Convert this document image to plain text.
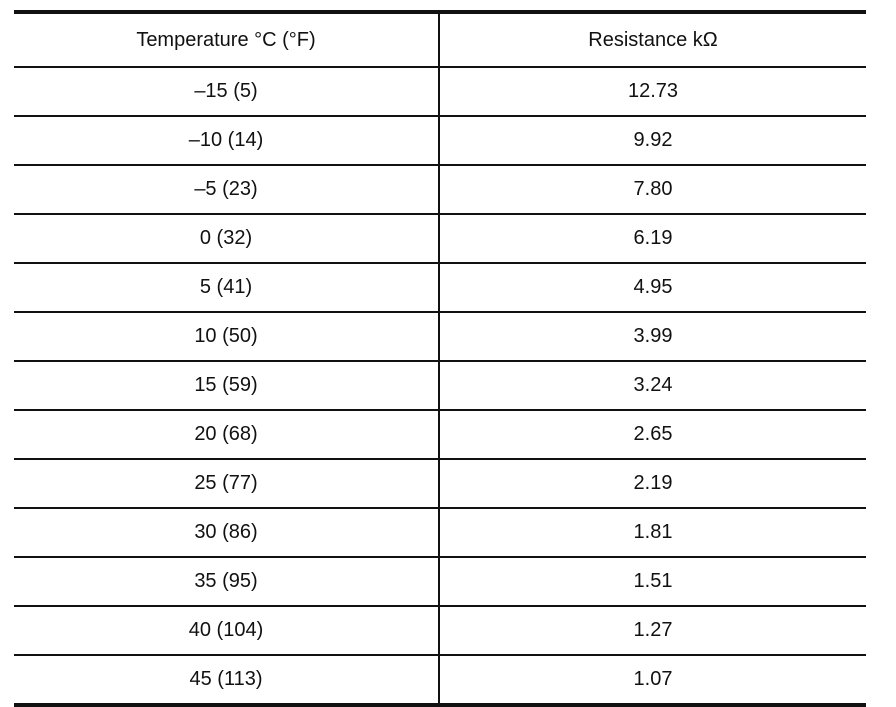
Temperature °C (°F)	Resistance kΩ
–15 (5)	12.73
–10 (14)	9.92
–5 (23)	7.80
0 (32)	6.19
5 (41)	4.95
10 (50)	3.99
15 (59)	3.24
20 (68)	2.65
25 (77)	2.19
30 (86)	1.81
35 (95)	1.51
40 (104)	1.27
45 (113)	1.07
